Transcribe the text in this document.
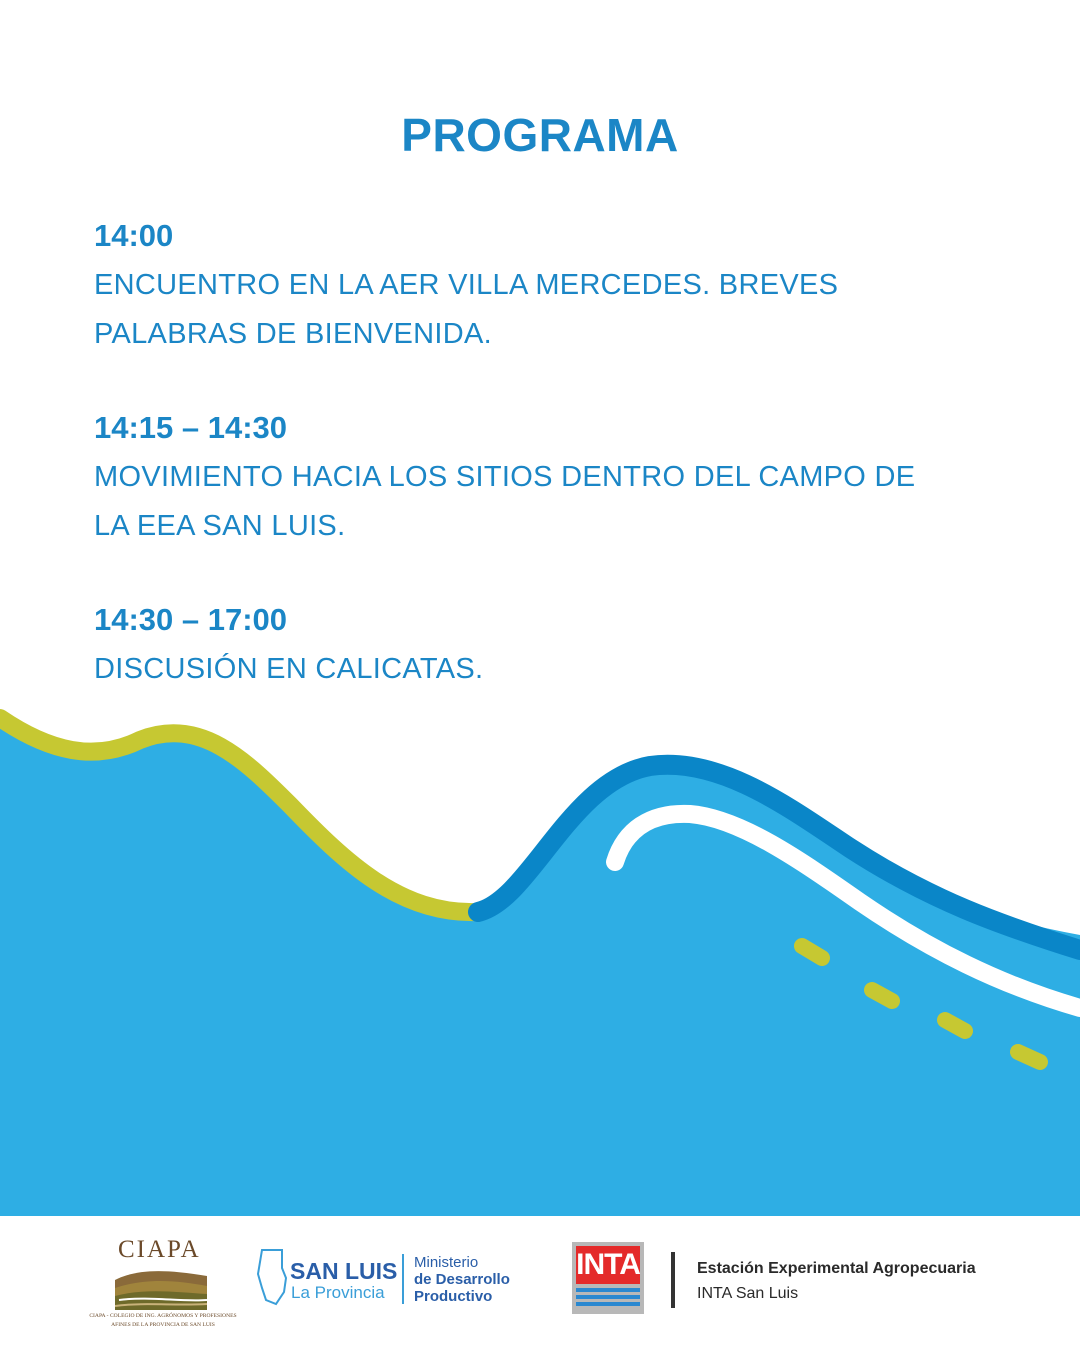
PROGRAMA
14:00
ENCUENTRO EN LA AER VILLA MERCEDES. BREVES PALABRAS DE BIENVENIDA.
14:15 – 14:30
MOVIMIENTO HACIA LOS SITIOS DENTRO DEL CAMPO DE LA EEA SAN LUIS.
14:30 – 17:00
DISCUSIÓN EN CALICATAS.
CIAPA
CIAPA - COLEGIO DE ING. AGRÓNOMOS Y PROFESIONES AFINES DE LA PROVINCIA DE SAN LUIS
SAN LUIS
La Provincia
Ministerio
de Desarrollo
Productivo
INTA	Estación Experimental Agropecuaria
INTA San Luis
